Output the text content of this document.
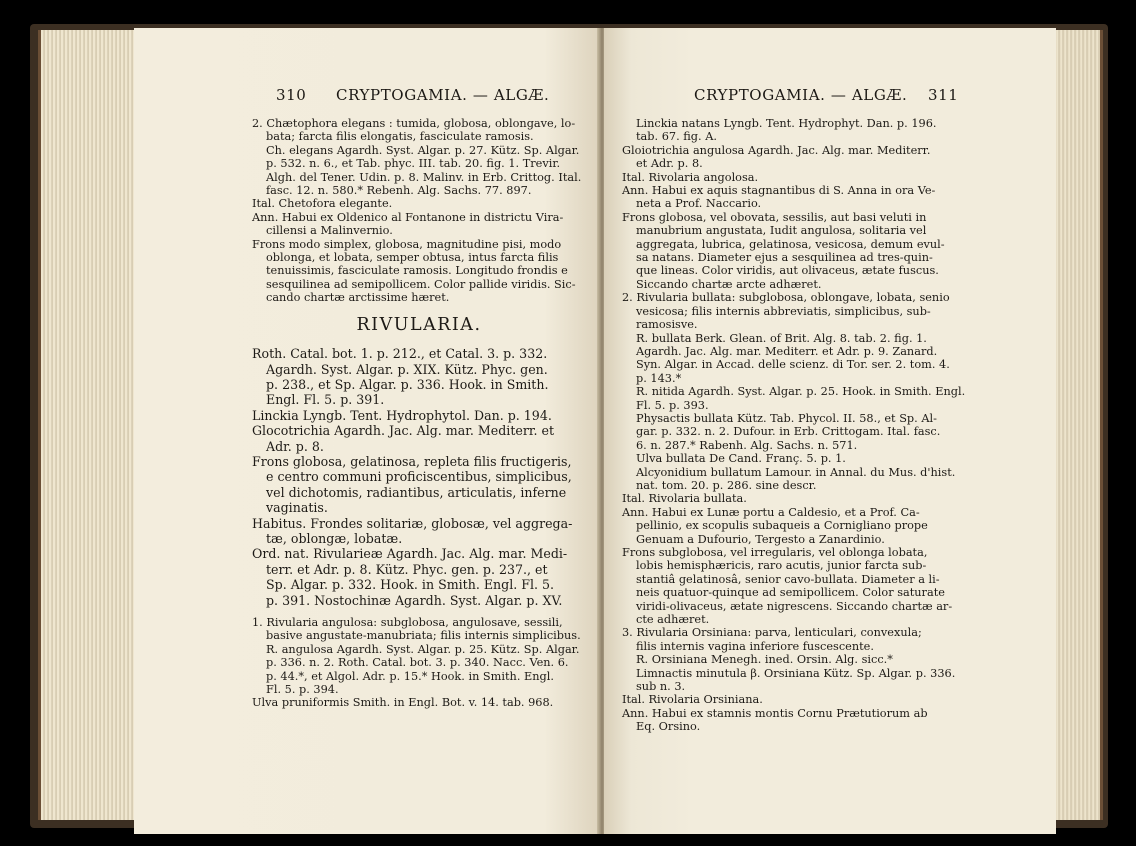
310 CRYPTOGAMIA. — ALGÆ.

2. Chætophora elegans : tumida, globosa, oblongave, lo-
bata; farcta filis elongatis, fasciculate ramosis.

Ch. elegans Agardh. Syst. Algar. p. 27. Kütz. Sp. Algar.
p. 532. n. 6., et Tab. phyc. III. tab. 20. fig. 1. Trevir.
Algh. del Tener. Udin. p. 8. Malinv. in Erb. Crittog. Ital.
fasc. 12. n. 580.* Rebenh. Alg. Sachs. 77. 897.

Ital. Chetofora elegante.

Ann. Habui ex Oldenico al Fontanone in districtu Vira-
cillensi a Malinvernio.

Frons modo simplex, globosa, magnitudine pisi, modo
oblonga, et lobata, semper obtusa, intus farcta filis
tenuissimis, fasciculate ramosis. Longitudo frondis e
sesquilinea ad semipollicem. Color pallide viridis. Sic-
cando chartæ arctissime hæret.

RIVULARIA.

Roth. Catal. bot. 1. p. 212., et Catal. 3. p. 332.
Agardh. Syst. Algar. p. XIX. Kütz. Phyc. gen.
p. 238., et Sp. Algar. p. 336. Hook. in Smith.
Engl. Fl. 5. p. 391.

Linckia Lyngb. Tent. Hydrophytol. Dan. p. 194.

Glocotrichia Agardh. Jac. Alg. mar. Mediterr. et
Adr. p. 8.

Frons globosa, gelatinosa, repleta filis fructigeris,
e centro communi proficiscentibus, simplicibus,
vel dichotomis, radiantibus, articulatis, inferne
vaginatis.

Habitus. Frondes solitariæ, globosæ, vel aggrega-
tæ, oblongæ, lobatæ.

Ord. nat. Rivularieæ Agardh. Jac. Alg. mar. Medi-
terr. et Adr. p. 8. Kütz. Phyc. gen. p. 237., et
Sp. Algar. p. 332. Hook. in Smith. Engl. Fl. 5.
p. 391. Nostochinæ Agardh. Syst. Algar. p. XV.

1. Rivularia angulosa: subglobosa, angulosave, sessili,
basive angustate-manubriata; filis internis simplicibus.

R. angulosa Agardh. Syst. Algar. p. 25. Kütz. Sp. Algar.
p. 336. n. 2. Roth. Catal. bot. 3. p. 340. Nacc. Ven. 6.
p. 44.*, et Algol. Adr. p. 15.* Hook. in Smith. Engl.
Fl. 5. p. 394.

Ulva pruniformis Smith. in Engl. Bot. v. 14. tab. 968.

CRYPTOGAMIA. — ALGÆ. 311

Linckia natans Lyngb. Tent. Hydrophyt. Dan. p. 196.
tab. 67. fig. A.

Gloiotrichia angulosa Agardh. Jac. Alg. mar. Mediterr.
et Adr. p. 8.

Ital. Rivolaria angolosa.

Ann. Habui ex aquis stagnantibus di S. Anna in ora Ve-
neta a Prof. Naccario.

Frons globosa, vel obovata, sessilis, aut basi veluti in
manubrium angustata, Iudit angulosa, solitaria vel
aggregata, lubrica, gelatinosa, vesicosa, demum evul-
sa natans. Diameter ejus a sesquilinea ad tres-quin-
que lineas. Color viridis, aut olivaceus, ætate fuscus.
Siccando chartæ arcte adhæret.

2. Rivularia bullata: subglobosa, oblongave, lobata, senio
vesicosa; filis internis abbreviatis, simplicibus, sub-
ramosisve.

R. bullata Berk. Glean. of Brit. Alg. 8. tab. 2. fig. 1.
Agardh. Jac. Alg. mar. Mediterr. et Adr. p. 9. Zanard.
Syn. Algar. in Accad. delle scienz. di Tor. ser. 2. tom. 4.
p. 143.*

R. nitida Agardh. Syst. Algar. p. 25. Hook. in Smith. Engl.
Fl. 5. p. 393.

Physactis bullata Kütz. Tab. Phycol. II. 58., et Sp. Al-
gar. p. 332. n. 2. Dufour. in Erb. Crittogam. Ital. fasc.
6. n. 287.* Rabenh. Alg. Sachs. n. 571.

Ulva bullata De Cand. Franç. 5. p. 1.

Alcyonidium bullatum Lamour. in Annal. du Mus. d'hist.
nat. tom. 20. p. 286. sine descr.

Ital. Rivolaria bullata.

Ann. Habui ex Lunæ portu a Caldesio, et a Prof. Ca-
pellinio, ex scopulis subaqueis a Cornigliano prope
Genuam a Dufourio, Tergesto a Zanardinio.

Frons subglobosa, vel irregularis, vel oblonga lobata,
lobis hemisphæricis, raro acutis, junior farcta sub-
stantiâ gelatinosâ, senior cavo-bullata. Diameter a li-
neis quatuor-quinque ad semipollicem. Color saturate
viridi-olivaceus, ætate nigrescens. Siccando chartæ ar-
cte adhæret.

3. Rivularia Orsiniana: parva, lenticulari, convexula;
filis internis vagina inferiore fuscescente.

R. Orsiniana Menegh. ined. Orsin. Alg. sicc.*

Limnactis minutula β. Orsiniana Kütz. Sp. Algar. p. 336.
sub n. 3.

Ital. Rivolaria Orsiniana.

Ann. Habui ex stamnis montis Cornu Prætutiorum ab
Eq. Orsino.
